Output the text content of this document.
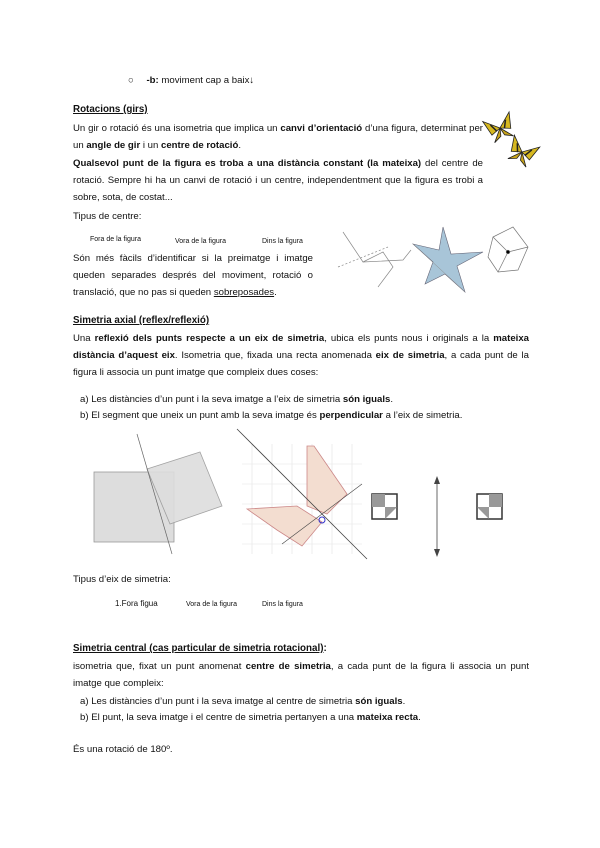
○ -b: moviment cap a baix↓
Rotacions (girs)
Un gir o rotació és una isometria que implica un canvi d’orientació d’una figura, determinat per un angle de gir i un centre de rotació.
Qualsevol punt de la figura es troba a una distància constant (la mateixa) del centre de rotació. Sempre hi ha un canvi de rotació i un centre, independentment que la figura es trobi a sobre, sota, de costat...
Tipus de centre:
Fora de la figura	Vora de la figura	Dins la figura
Són més fàcils d’identificar si la preimatge i imatge queden separades després del moviment, rotació o translació, que no pas si queden sobreposades.
Simetria axial (reflex/reflexió)
Una reflexió dels punts respecte a un eix de simetria, ubica els punts nous i originals a la mateixa distància d’aquest eix. Isometria que, fixada una recta anomenada eix de simetria, a cada punt de la figura li associa un punt imatge que compleix dues coses:
a) Les distàncies d’un punt i la seva imatge a l’eix de simetria són iguals.
b) El segment que uneix un punt amb la seva imatge és perpendicular a l’eix de simetria.
Tipus d’eix de simetria:
1.Fora figua	Vora de la figura	Dins la figura
Simetria central (cas particular de simetria rotacional):
isometria que, fixat un punt anomenat centre de simetria, a cada punt de la figura li associa un punt imatge que compleix:
a) Les distàncies d’un punt i la seva imatge al centre de simetria són iguals.
b) El punt, la seva imatge i el centre de simetria pertanyen a una mateixa recta.
És una rotació de 180º.
